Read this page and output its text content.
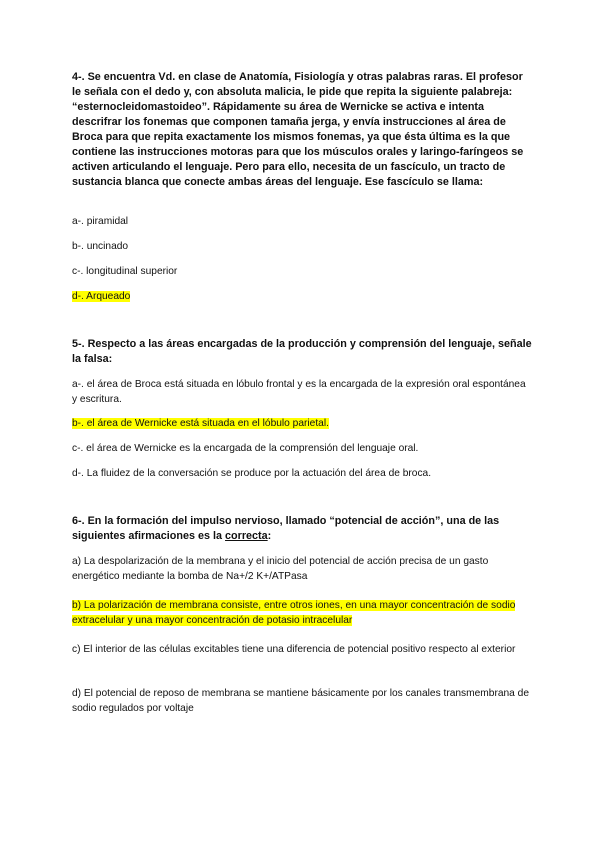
4-. Se encuentra Vd. en clase de Anatomía, Fisiología y otras palabras raras. El profesor le señala con el dedo y, con absoluta malicia, le pide que repita la siguiente palabreja: “esternocleidomastoideo”. Rápidamente su área de Wernicke se activa e intenta descrifrar los fonemas que componen tamaña jerga, y envía instrucciones al área de Broca para que repita exactamente los mismos fonemas, ya que ésta última es la que contiene las instrucciones motoras para que los músculos orales y laringo-faríngeos se activen articulando el lenguaje. Pero para ello, necesita de un fascículo, un tracto de sustancia blanca que conecte ambas áreas del lenguaje. Ese fascículo se llama:

a-. piramidal

b-. uncinado

c-. longitudinal superior

d-. Arqueado

5-. Respecto a las áreas encargadas de la producción y comprensión del lenguaje, señale la falsa:

a-. el área de Broca está situada en lóbulo frontal y es la encargada de la expresión oral espontánea y escritura.

b-. el área de Wernicke está situada en el lóbulo parietal.

c-. el área de Wernicke es la encargada de la comprensión del lenguaje oral.

d-. La fluidez de la conversación se produce por la actuación del área de broca.

6-. En la formación del impulso nervioso, llamado “potencial de acción”, una de las siguientes afirmaciones es la correcta:

a) La despolarización de la membrana y el inicio del potencial de acción precisa de un gasto energético mediante la bomba de Na+/2 K+/ATPasa

b) La polarización de membrana consiste, entre otros iones, en una mayor concentración de sodio extracelular y una mayor concentración de potasio intracelular

c) El interior de las células excitables tiene una diferencia de potencial positivo respecto al exterior

d) El potencial de reposo de membrana se mantiene básicamente por los canales transmembrana de sodio regulados por voltaje
